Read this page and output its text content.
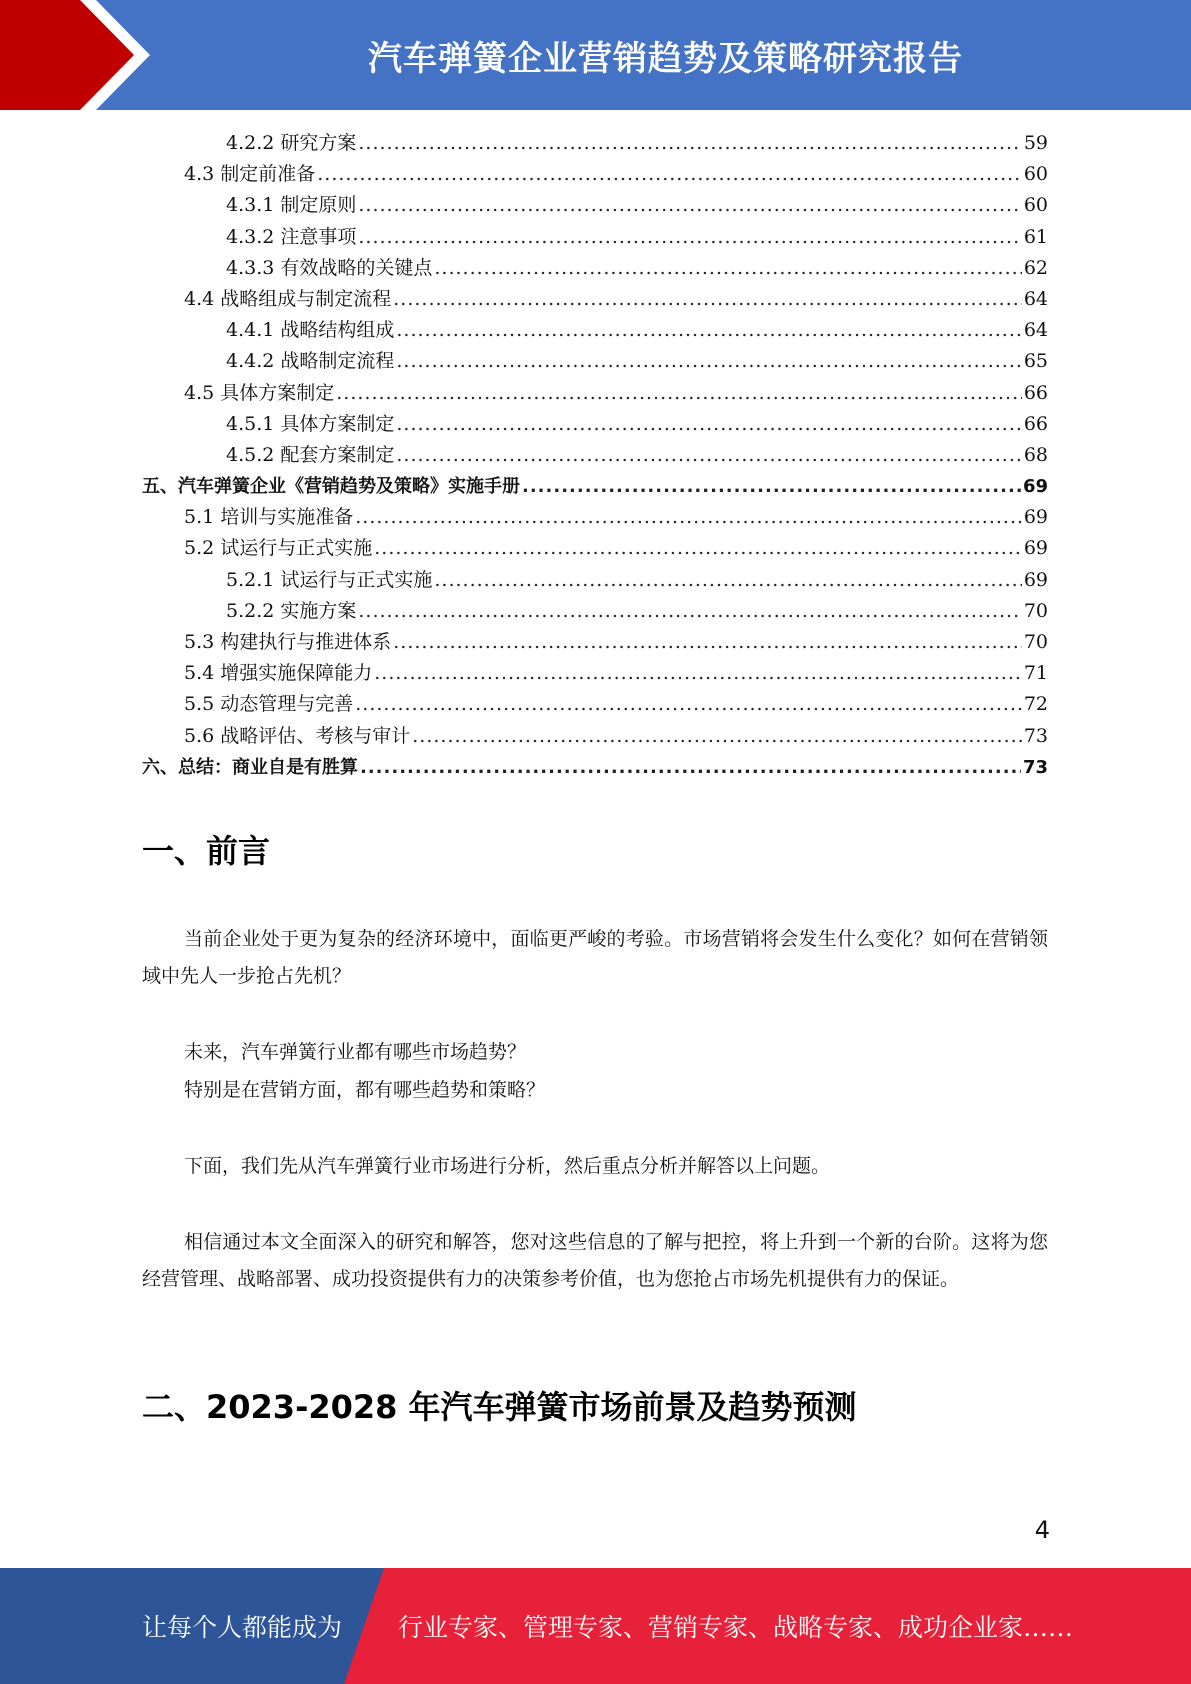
汽车弹簧企业营销趋势及策略研究报告
4.2.2 研究方案 .....	59
4.3 制定前准备 .....	60
4.3.1 制定原则 .....	60
4.3.2 注意事项 .....	61
4.3.3 有效战略的关键点 .....	62
4.4 战略组成与制定流程 .....	64
4.4.1 战略结构组成 .....	64
4.4.2 战略制定流程 .....	65
4.5 具体方案制定 .....	66
4.5.1 具体方案制定 .....	66
4.5.2 配套方案制定 .....	68
五、汽车弹簧企业《营销趋势及策略》实施手册 .....	69
5.1 培训与实施准备 .....	69
5.2 试运行与正式实施 .....	69
5.2.1 试运行与正式实施 .....	69
5.2.2 实施方案 .....	70
5.3 构建执行与推进体系 .....	70
5.4 增强实施保障能力 .....	71
5.5 动态管理与完善 .....	72
5.6 战略评估、考核与审计 .....	73
六、总结：商业自是有胜算 .....	73
一、前言
当前企业处于更为复杂的经济环境中，面临更严峻的考验。市场营销将会发生什么变化？如何在营销领域中先人一步抢占先机？
未来，汽车弹簧行业都有哪些市场趋势？
特别是在营销方面，都有哪些趋势和策略？
下面，我们先从汽车弹簧行业市场进行分析，然后重点分析并解答以上问题。
相信通过本文全面深入的研究和解答，您对这些信息的了解与把控，将上升到一个新的台阶。这将为您经营管理、战略部署、成功投资提供有力的决策参考价值，也为您抢占市场先机提供有力的保证。
二、2023-2028 年汽车弹簧市场前景及趋势预测
4
让每个人都能成为 行业专家、管理专家、营销专家、战略专家、成功企业家……
